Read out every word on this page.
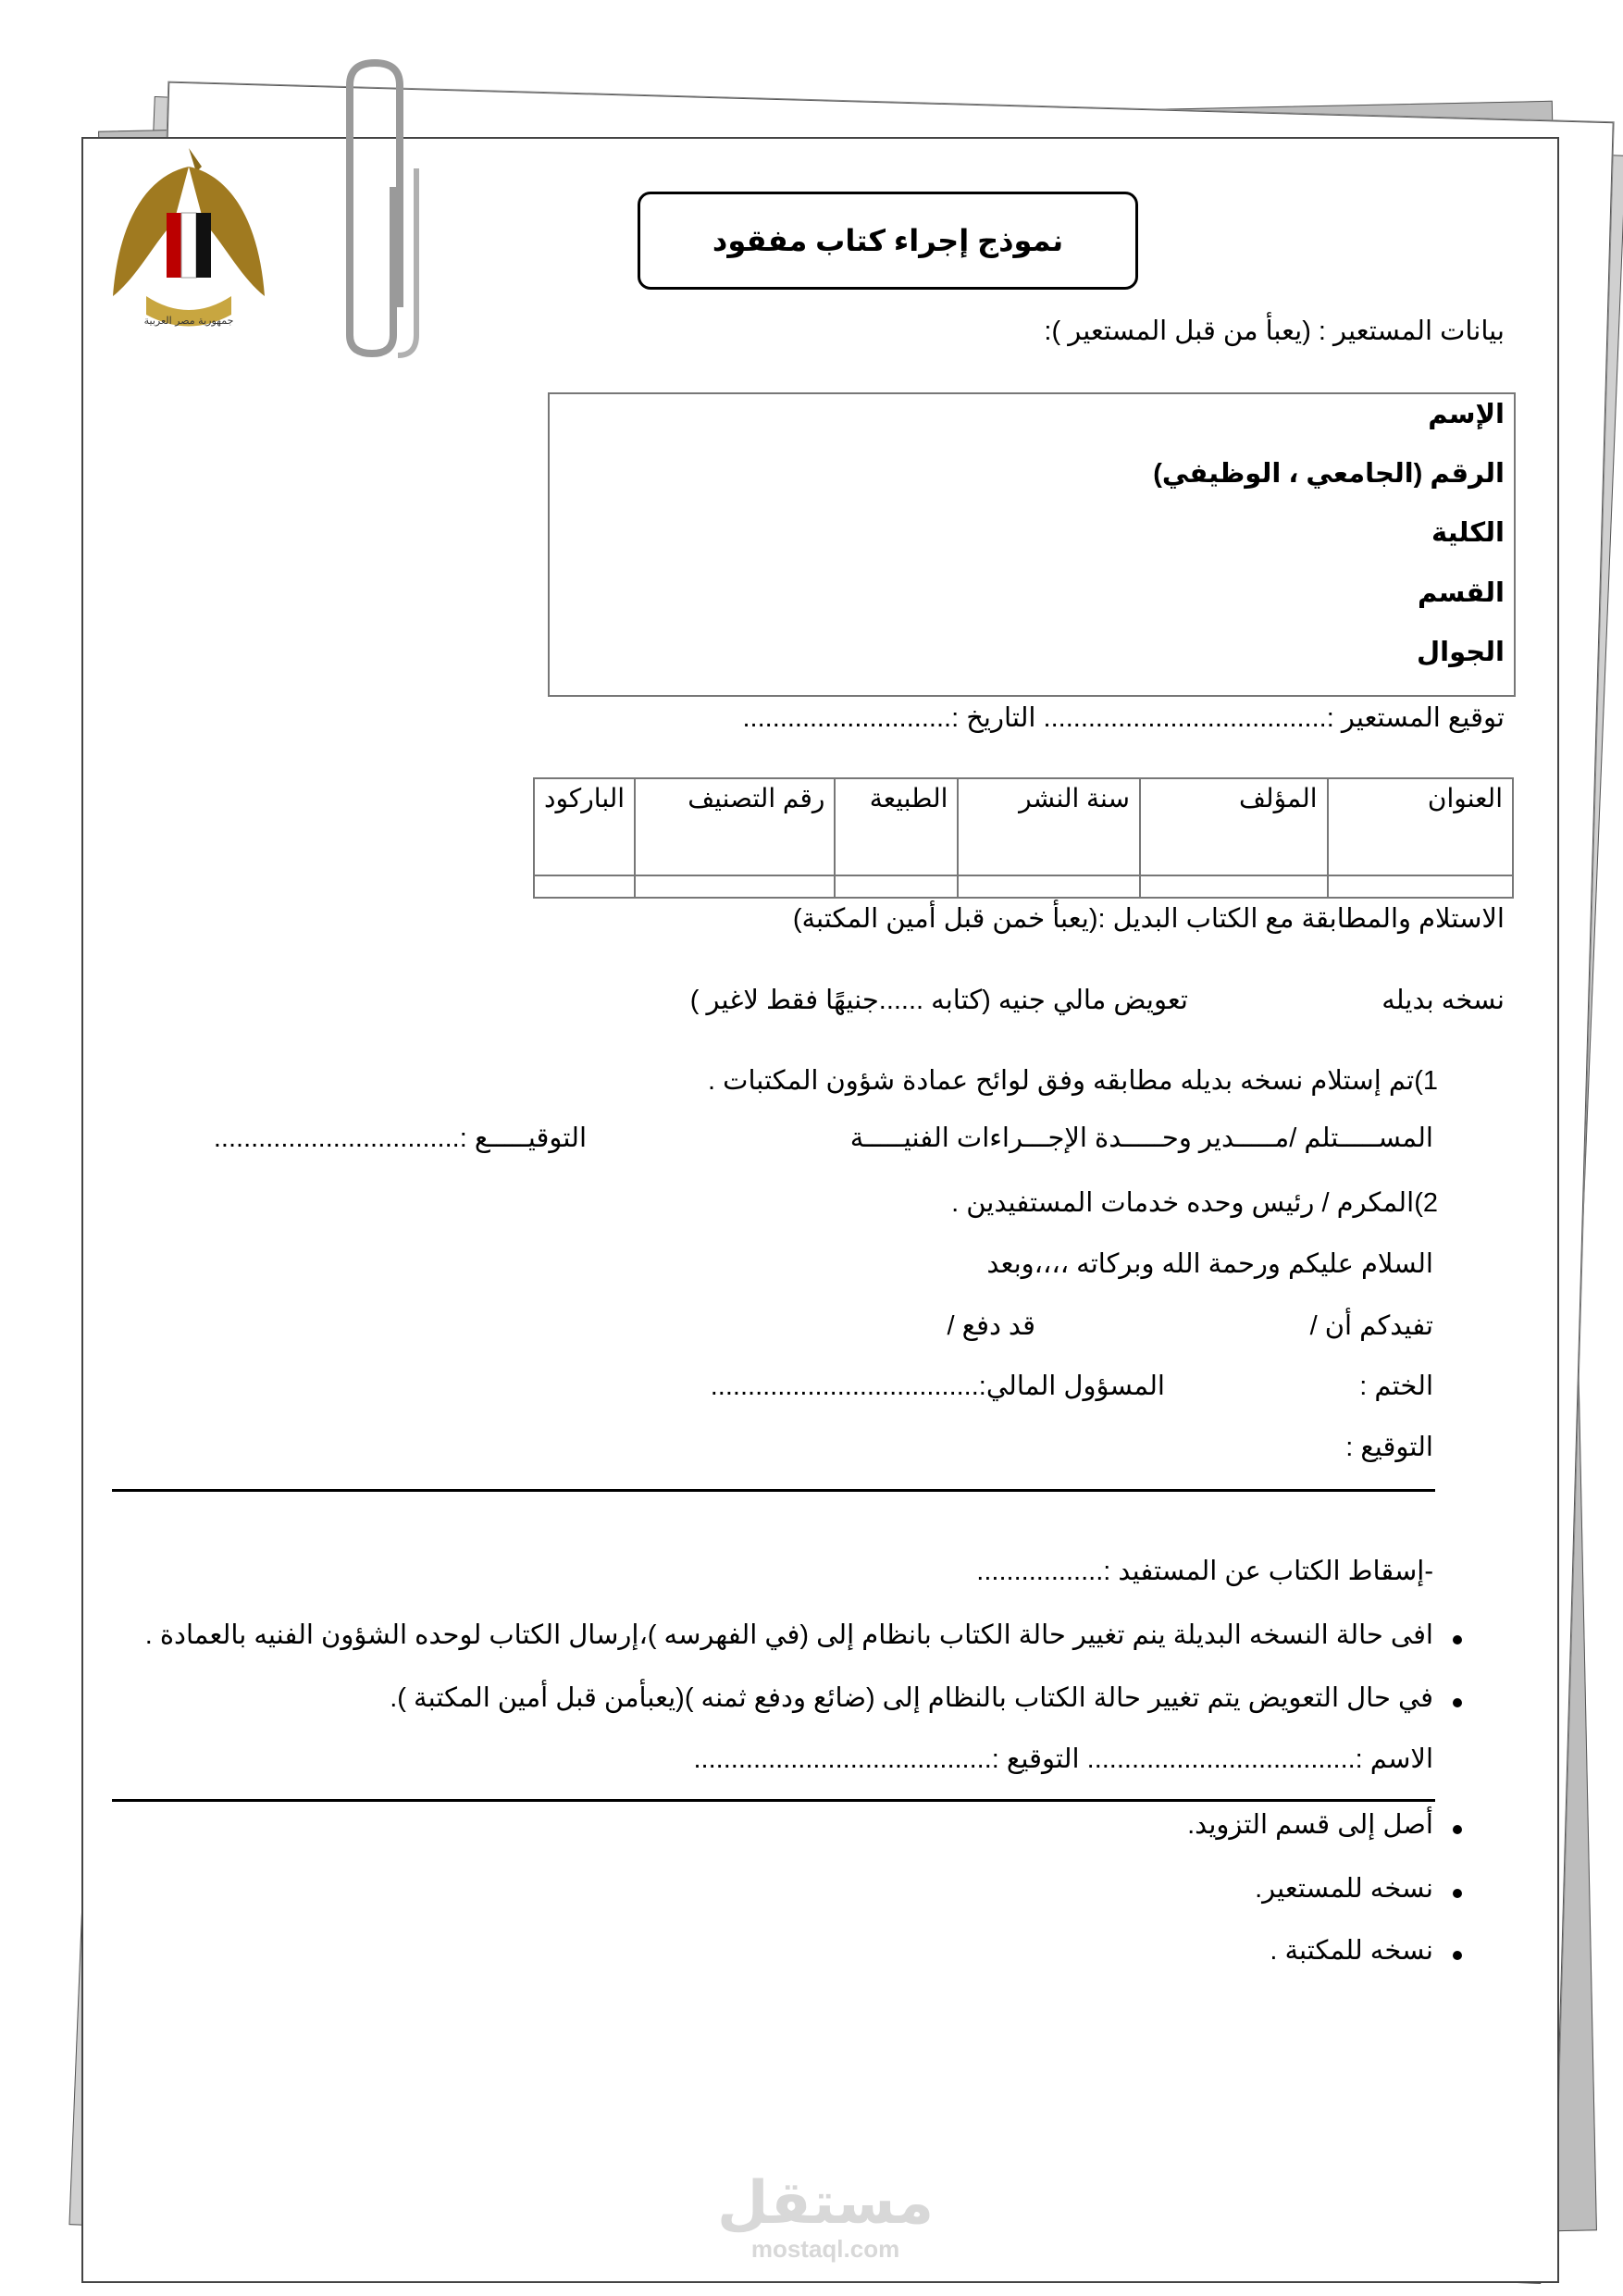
جمهورية مصر العربية
نموذج إجراء كتاب مفقود
بيانات المستعير : (يعبأ من قبل المستعير ):
الإسم
الرقم (الجامعي ، الوظيفي)
الكلية
القسم
الجوال
توقيع المستعير :...................................... التاريخ :............................
العنوان	المؤلف	سنة النشر	الطبيعة	رقم التصنيف	الباركود

الاستلام والمطابقة مع الكتاب البديل :(يعبأ خمن قبل أمين المكتبة)
نسخه بديله
تعويض مالي جنيه (كتابه ......جنيهًا فقط لاغير )
1)تم إستلام نسخه بديله مطابقه وفق لوائح عمادة شؤون المكتبات .
المســـــتلم /مـــــدير وحـــــدة الإجـــراءات الفنيـــــة
التوقيـــــع :.................................
2)المكرم / رئيس وحده خدمات المستفيدين .
السلام عليكم ورحمة الله وبركاته ،،،،وبعد
تفيدكم أن /
قد دفع /
الختم :
المسؤول المالي:....................................
التوقيع :
-إسقاط الكتاب عن المستفيد :.................
افى حالة النسخه البديلة ينم تغيير حالة الكتاب بانظام إلى (في الفهرسه )،إرسال الكتاب لوحده الشؤون الفنيه بالعمادة .
في حال التعويض يتم تغيير حالة الكتاب بالنظام إلى (ضائع ودفع ثمنه )(يعبأمن قبل أمين المكتبة ).
الاسم :.................................... التوقيع :........................................
أصل إلى قسم التزويد.
نسخه للمستعير.
نسخه للمكتبة .
مستقل
mostaql.com
